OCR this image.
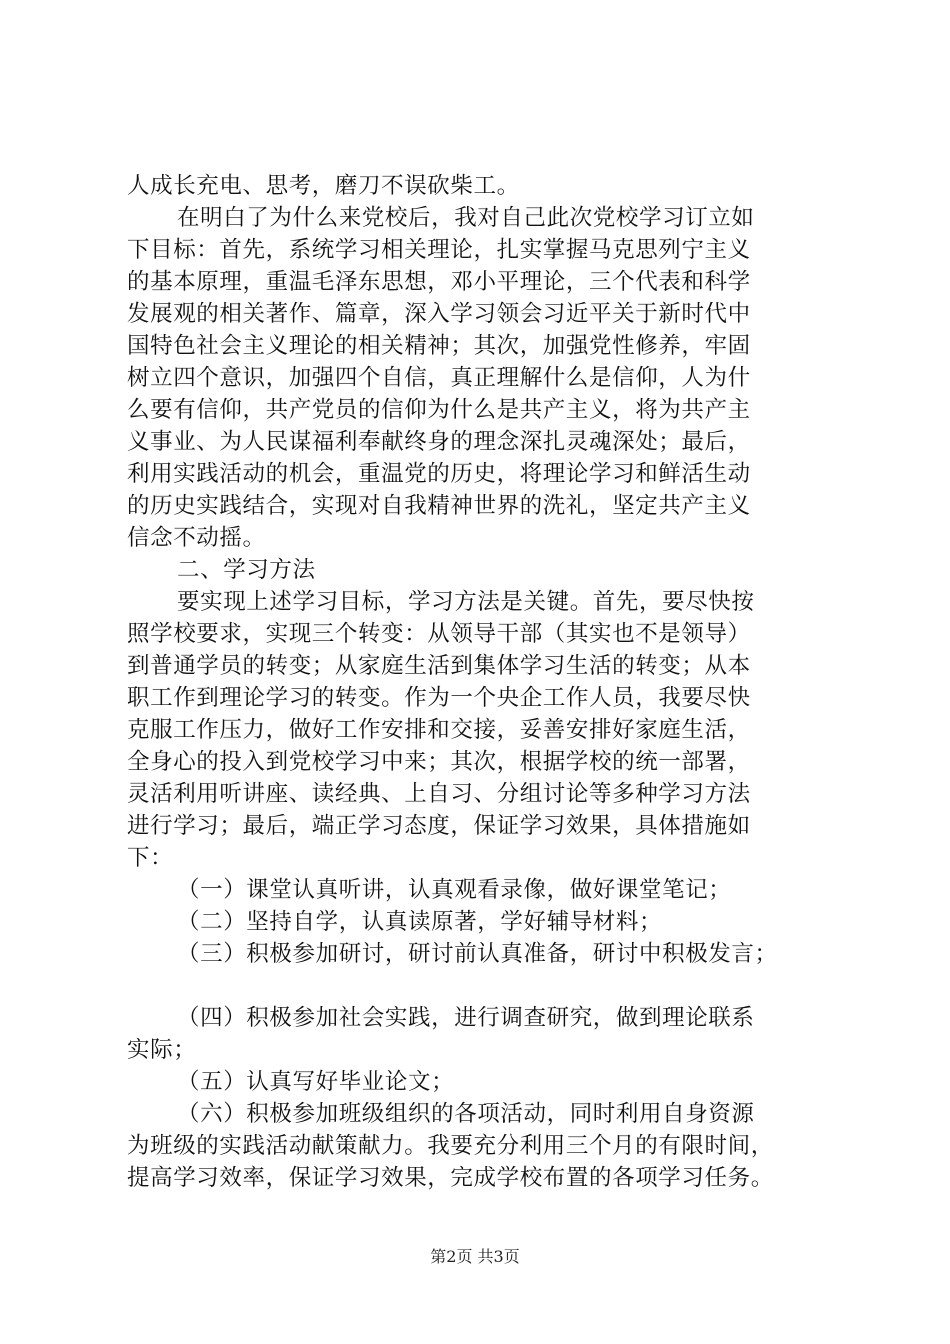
人成长充电、思考，磨刀不误砍柴工。
在明白了为什么来党校后，我对自己此次党校学习订立如
下目标：首先，系统学习相关理论，扎实掌握马克思列宁主义
的基本原理，重温毛泽东思想，邓小平理论，三个代表和科学
发展观的相关著作、篇章，深入学习领会习近平关于新时代中
国特色社会主义理论的相关精神；其次，加强党性修养，牢固
树立四个意识，加强四个自信，真正理解什么是信仰，人为什
么要有信仰，共产党员的信仰为什么是共产主义，将为共产主
义事业、为人民谋福利奉献终身的理念深扎灵魂深处；最后，
利用实践活动的机会，重温党的历史，将理论学习和鲜活生动
的历史实践结合，实现对自我精神世界的洗礼，坚定共产主义
信念不动摇。
二、学习方法
要实现上述学习目标，学习方法是关键。首先，要尽快按
照学校要求，实现三个转变：从领导干部（其实也不是领导）
到普通学员的转变；从家庭生活到集体学习生活的转变；从本
职工作到理论学习的转变。作为一个央企工作人员，我要尽快
克服工作压力，做好工作安排和交接，妥善安排好家庭生活，
全身心的投入到党校学习中来；其次，根据学校的统一部署，
灵活利用听讲座、读经典、上自习、分组讨论等多种学习方法
进行学习；最后，端正学习态度，保证学习效果，具体措施如
下：
（一）课堂认真听讲，认真观看录像，做好课堂笔记；
（二）坚持自学，认真读原著，学好辅导材料；
（三）积极参加研讨，研讨前认真准备，研讨中积极发言；
（四）积极参加社会实践，进行调查研究，做到理论联系
实际；
（五）认真写好毕业论文；
（六）积极参加班级组织的各项活动，同时利用自身资源
为班级的实践活动献策献力。我要充分利用三个月的有限时间，
提高学习效率，保证学习效果，完成学校布置的各项学习任务。
第2页 共3页
